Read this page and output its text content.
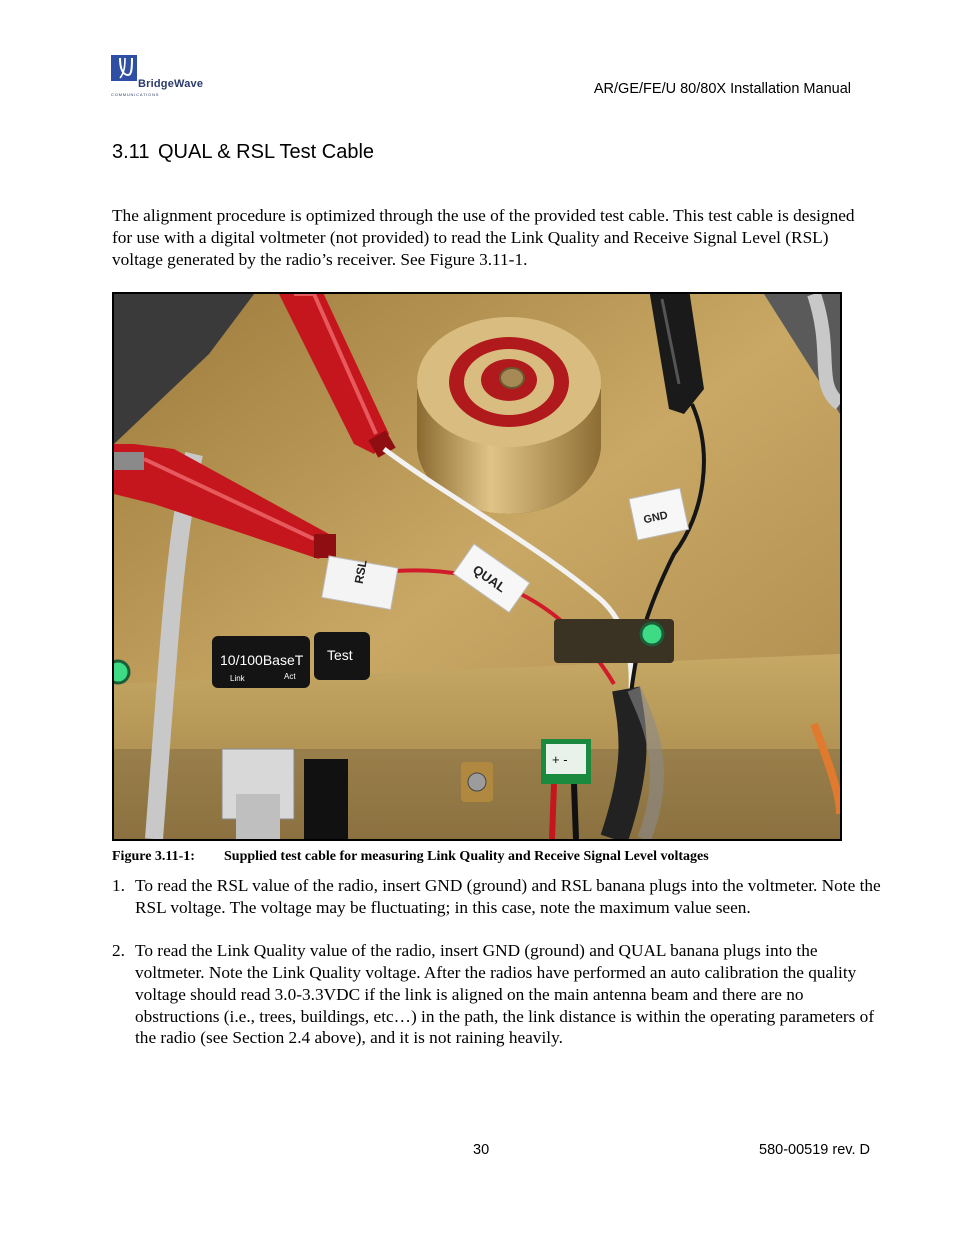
BridgeWave
COMMUNICATIONS	AR/GE/FE/U 80/80X Installation Manual
3.11 QUAL & RSL Test Cable

The alignment procedure is optimized through the use of the provided test cable. This test cable is designed for use with a digital voltmeter (not provided) to read the Link Quality and Receive Signal Level (RSL) voltage generated by the radio’s receiver. See Figure 3.11-1.

RSL	QUAL
GND
10/100BaseT
Link	Act
Test
+ -
Figure 3.11-1: Supplied test cable for measuring Link Quality and Receive Signal Level voltages
1. To read the RSL value of the radio, insert GND (ground) and RSL banana plugs into the voltmeter. Note the RSL voltage. The voltage may be fluctuating; in this case, note the maximum value seen.
2. To read the Link Quality value of the radio, insert GND (ground) and QUAL banana plugs into the voltmeter. Note the Link Quality voltage. After the radios have performed an auto calibration the quality voltage should read 3.0-3.3VDC if the link is aligned on the main antenna beam and there are no obstructions (i.e., trees, buildings, etc…) in the path, the link distance is within the operating parameters of the radio (see Section 2.4 above), and it is not raining heavily.
30	580-00519 rev. D
